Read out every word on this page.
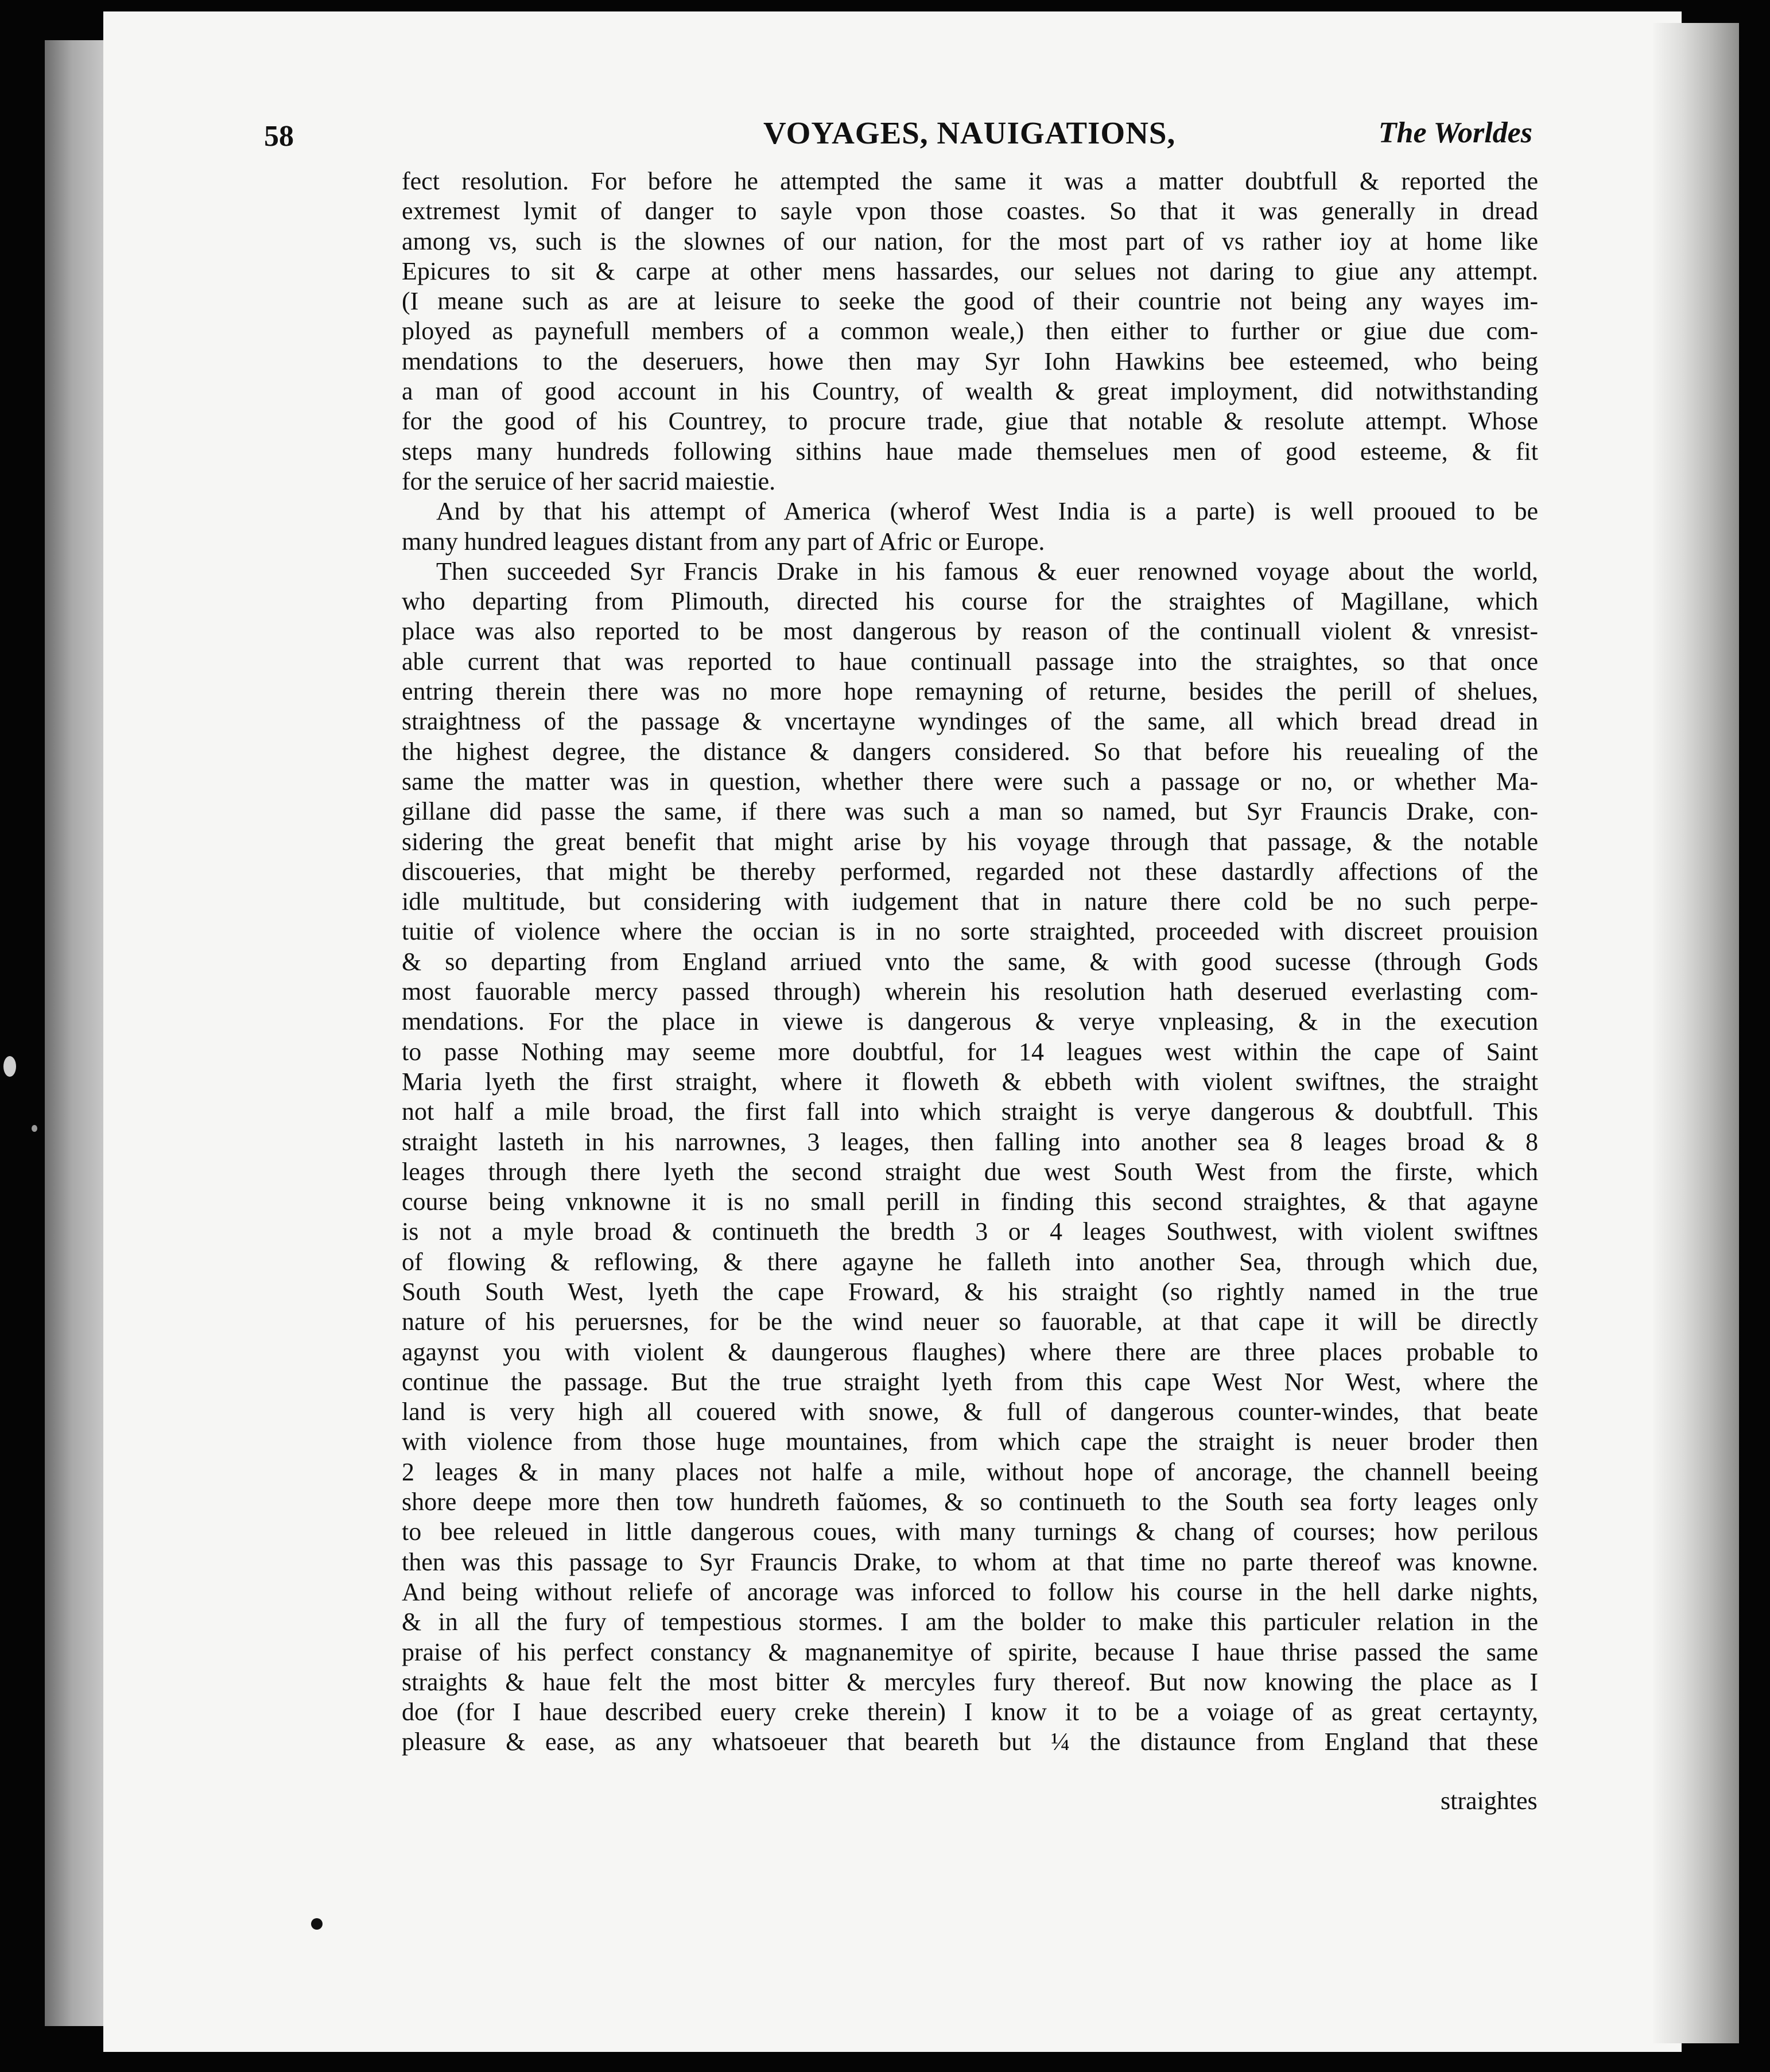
58	VOYAGES, NAUIGATIONS,	The Worldes
fect resolution. For before he attempted the same it was a matter doubtfull & reported the
extremest lymit of danger to sayle vpon those coastes. So that it was generally in dread
among vs, such is the slownes of our nation, for the most part of vs rather ioy at home like
Epicures to sit & carpe at other mens hassardes, our selues not daring to giue any attempt.
(I meane such as are at leisure to seeke the good of their countrie not being any wayes im-
ployed as paynefull members of a common weale,) then either to further or giue due com-
mendations to the deseruers, howe then may Syr Iohn Hawkins bee esteemed, who being
a man of good account in his Country, of wealth & great imployment, did notwithstanding
for the good of his Countrey, to procure trade, giue that notable & resolute attempt. Whose
steps many hundreds following sithins haue made themselues men of good esteeme, & fit
for the seruice of her sacrid maiestie.
And by that his attempt of America (wherof West India is a parte) is well prooued to be
many hundred leagues distant from any part of Afric or Europe.
Then succeeded Syr Francis Drake in his famous & euer renowned voyage about the world,
who departing from Plimouth, directed his course for the straightes of Magillane, which
place was also reported to be most dangerous by reason of the continuall violent & vnresist-
able current that was reported to haue continuall passage into the straightes, so that once
entring therein there was no more hope remayning of returne, besides the perill of shelues,
straightness of the passage & vncertayne wyndinges of the same, all which bread dread in
the highest degree, the distance & dangers considered. So that before his reuealing of the
same the matter was in question, whether there were such a passage or no, or whether Ma-
gillane did passe the same, if there was such a man so named, but Syr Frauncis Drake, con-
sidering the great benefit that might arise by his voyage through that passage, & the notable
discoueries, that might be thereby performed, regarded not these dastardly affections of the
idle multitude, but considering with iudgement that in nature there cold be no such perpe-
tuitie of violence where the occian is in no sorte straighted, proceeded with discreet prouision
& so departing from England arriued vnto the same, & with good sucesse (through Gods
most fauorable mercy passed through) wherein his resolution hath deserued everlasting com-
mendations. For the place in viewe is dangerous & verye vnpleasing, & in the execution
to passe Nothing may seeme more doubtful, for 14 leagues west within the cape of Saint
Maria lyeth the first straight, where it floweth & ebbeth with violent swiftnes, the straight
not half a mile broad, the first fall into which straight is verye dangerous & doubtfull. This
straight lasteth in his narrownes, 3 leages, then falling into another sea 8 leages broad & 8
leages through there lyeth the second straight due west South West from the firste, which
course being vnknowne it is no small perill in finding this second straightes, & that agayne
is not a myle broad & continueth the bredth 3 or 4 leages Southwest, with violent swiftnes
of flowing & reflowing, & there agayne he falleth into another Sea, through which due,
South South West, lyeth the cape Froward, & his straight (so rightly named in the true
nature of his peruersnes, for be the wind neuer so fauorable, at that cape it will be directly
agaynst you with violent & daungerous flaughes) where there are three places probable to
continue the passage. But the true straight lyeth from this cape West Nor West, where the
land is very high all couered with snowe, & full of dangerous counter-windes, that beate
with violence from those huge mountaines, from which cape the straight is neuer broder then
2 leages & in many places not halfe a mile, without hope of ancorage, the channell beeing
shore deepe more then tow hundreth faŭomes, & so continueth to the South sea forty leages only
to bee releued in little dangerous coues, with many turnings & chang of courses; how perilous
then was this passage to Syr Frauncis Drake, to whom at that time no parte thereof was knowne.
And being without reliefe of ancorage was inforced to follow his course in the hell darke nights,
& in all the fury of tempestious stormes. I am the bolder to make this particuler relation in the
praise of his perfect constancy & magnanemitye of spirite, because I haue thrise passed the same
straights & haue felt the most bitter & mercyles fury thereof. But now knowing the place as I
doe (for I haue described euery creke therein) I know it to be a voiage of as great certaynty,
pleasure & ease, as any whatsoeuer that beareth but ¼ the distaunce from England that these
straightes
